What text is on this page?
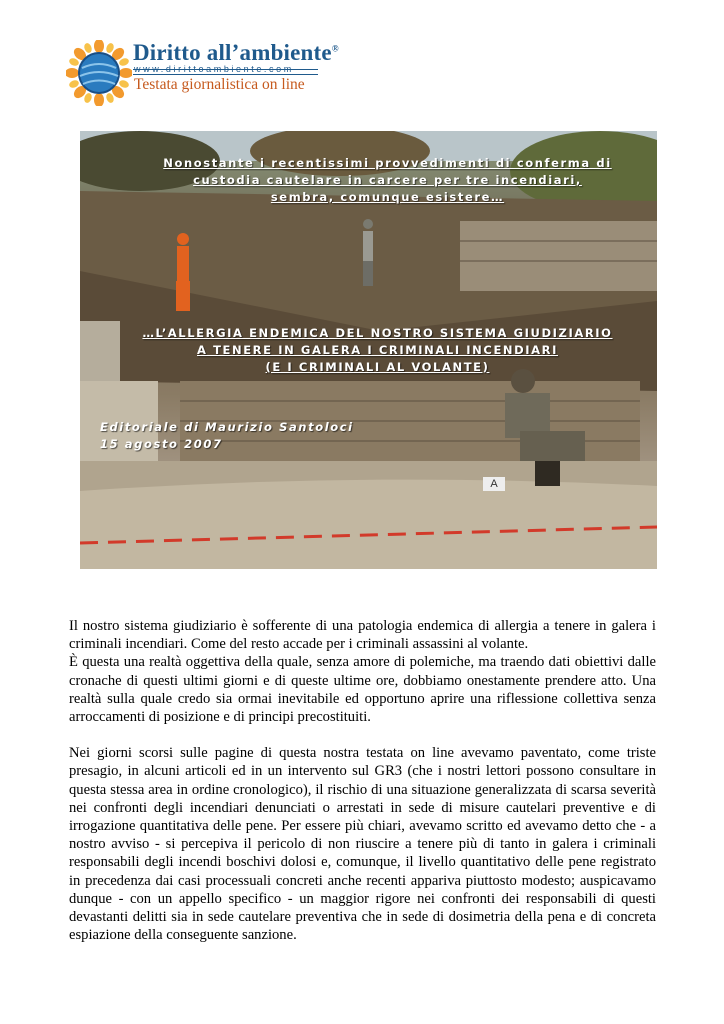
Diritto all’ambiente®
www.dirittoambiente.com
Testata giornalistica on line
Nonostante i recentissimi provvedimenti di conferma di
custodia cautelare in carcere per tre incendiari,
sembra, comunque esistere…
…L’ALLERGIA ENDEMICA DEL NOSTRO SISTEMA GIUDIZIARIO
A TENERE IN GALERA I CRIMINALI INCENDIARI
(E I CRIMINALI AL VOLANTE)
Editoriale di Maurizio Santoloci
15 agosto 2007
A

Il nostro sistema giudiziario è sofferente di una patologia endemica di allergia a tenere in galera i criminali incendiari. Come del resto accade per i criminali assassini al volante.

È questa una realtà oggettiva della quale, senza amore di polemiche, ma traendo dati obiettivi dalle cronache di questi ultimi giorni e di queste ultime ore, dobbiamo onestamente prendere atto. Una realtà sulla quale credo sia ormai inevitabile ed opportuno aprire una riflessione collettiva senza arroccamenti di posizione e di principi precostituiti.

Nei giorni scorsi sulle pagine di questa nostra testata on line avevamo paventato, come triste presagio, in alcuni articoli ed in un intervento sul GR3 (che i nostri lettori possono consultare in questa stessa area in ordine cronologico), il rischio di una situazione generalizzata di scarsa severità nei confronti degli incendiari denunciati o arrestati in sede di misure cautelari preventive e di irrogazione quantitativa delle pene. Per essere più chiari, avevamo scritto ed avevamo detto che - a nostro avviso - si percepiva il pericolo di non riuscire a tenere più di tanto in galera i criminali responsabili degli incendi boschivi dolosi e, comunque, il livello quantitativo delle pene registrato in precedenza dai casi processuali concreti anche recenti appariva piuttosto modesto; auspicavamo dunque - con un appello specifico - un maggior rigore nei confronti dei responsabili di questi devastanti delitti sia in sede cautelare preventiva che in sede di dosimetria della pena e di concreta espiazione della conseguente sanzione.
